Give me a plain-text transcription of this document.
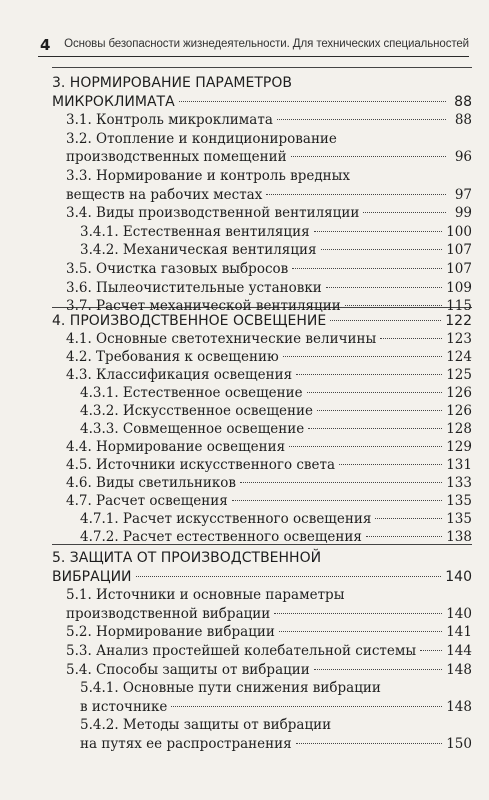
4 Основы безопасности жизнедеятельности. Для технических специальностей
3. НОРМИРОВАНИЕ ПАРАМЕТРОВ
МИКРОКЛИМАТА	88
3.1. Контроль микроклимата	88
3.2. Отопление и кондиционирование
производственных помещений	96
3.3. Нормирование и контроль вредных
веществ на рабочих местах	97
3.4. Виды производственной вентиляции	99
3.4.1. Естественная вентиляция	100
3.4.2. Механическая вентиляция	107
3.5. Очистка газовых выбросов	107
3.6. Пылеочистительные установки	109
3.7. Расчет механической вентиляции	115
4. ПРОИЗВОДСТВЕННОЕ ОСВЕЩЕНИЕ	122
4.1. Основные светотехнические величины	123
4.2. Требования к освещению	124
4.3. Классификация освещения	125
4.3.1. Естественное освещение	126
4.3.2. Искусственное освещение	126
4.3.3. Совмещенное освещение	128
4.4. Нормирование освещения	129
4.5. Источники искусственного света	131
4.6. Виды светильников	133
4.7. Расчет освещения	135
4.7.1. Расчет искусственного освещения	135
4.7.2. Расчет естественного освещения	138
5. ЗАЩИТА ОТ ПРОИЗВОДСТВЕННОЙ
ВИБРАЦИИ	140
5.1. Источники и основные параметры
производственной вибрации	140
5.2. Нормирование вибрации	141
5.3. Анализ простейшей колебательной системы 144
5.4. Способы защиты от вибрации	148
5.4.1. Основные пути снижения вибрации
в источнике	148
5.4.2. Методы защиты от вибрации
на путях ее распространения	150
